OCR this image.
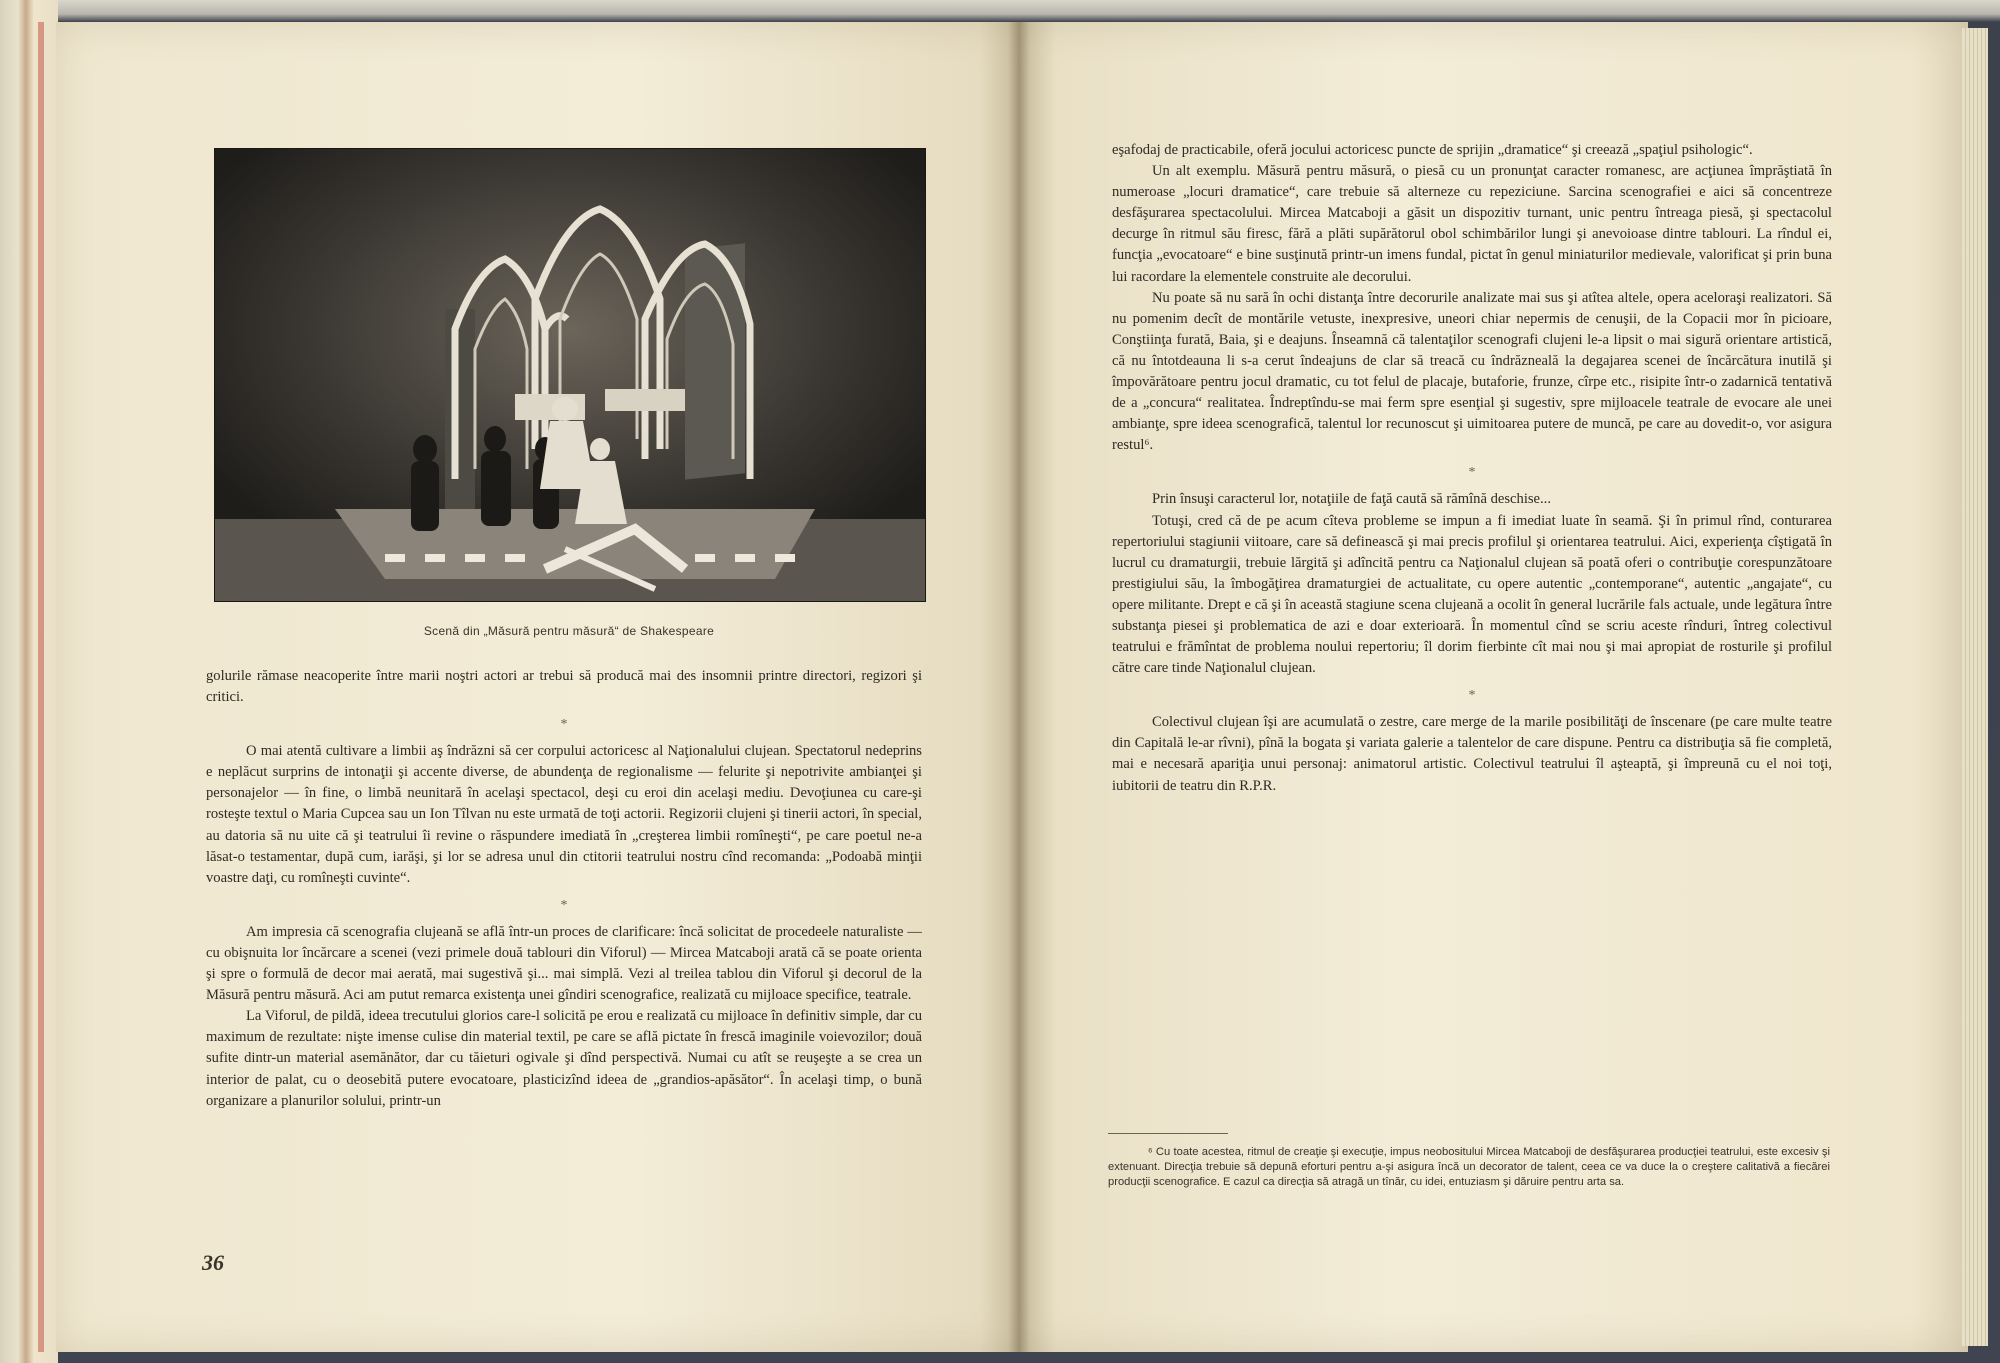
Scenă din „Măsură pentru măsură“ de Shakespeare

golurile rămase neacoperite între marii noştri actori ar trebui să producă mai des insomnii printre directori, regizori şi critici.

*

O mai atentă cultivare a limbii aş îndrăzni să cer corpului actoricesc al Naţionalului clujean. Spectatorul nedeprins e neplăcut surprins de intonaţii şi accente diverse, de abundenţa de regionalisme — felurite şi nepotrivite ambianţei şi personajelor — în fine, o limbă neunitară în acelaşi spectacol, deşi cu eroi din acelaşi mediu. Devoţiunea cu care-şi rosteşte textul o Maria Cupcea sau un Ion Tîlvan nu este urmată de toţi actorii. Regizorii clujeni şi tinerii actori, în special, au datoria să nu uite că şi teatrului îi revine o răspundere imediată în „creşterea limbii romîneşti“, pe care poetul ne-a lăsat-o testamentar, după cum, iarăşi, şi lor se adresa unul din ctitorii teatrului nostru cînd recomanda: „Podoabă minţii voastre daţi, cu romîneşti cuvinte“.

*

Am impresia că scenografia clujeană se află într-un proces de clarificare: încă solicitat de procedeele naturaliste — cu obişnuita lor încărcare a scenei (vezi primele două tablouri din Viforul) — Mircea Matcaboji arată că se poate orienta şi spre o formulă de decor mai aerată, mai sugestivă şi... mai simplă. Vezi al treilea tablou din Viforul şi decorul de la Măsură pentru măsură. Aci am putut remarca existenţa unei gîndiri scenografice, realizată cu mijloace specifice, teatrale.

La Viforul, de pildă, ideea trecutului glorios care-l solicită pe erou e realizată cu mijloace în definitiv simple, dar cu maximum de rezultate: nişte imense culise din material textil, pe care se află pictate în frescă imaginile voievozilor; două sufite dintr-un material asemănător, dar cu tăieturi ogivale şi dînd perspectivă. Numai cu atît se reuşeşte a se crea un interior de palat, cu o deosebită putere evocatoare, plasticizînd ideea de „grandios-apăsător“. În acelaşi timp, o bună organizare a planurilor solului, printr-un

36

eşafodaj de practicabile, oferă jocului actoricesc puncte de sprijin „dramatice“ şi creează „spaţiul psihologic“.

Un alt exemplu. Măsură pentru măsură, o piesă cu un pronunţat caracter romanesc, are acţiunea împrăştiată în numeroase „locuri dramatice“, care trebuie să alterneze cu repeziciune. Sarcina scenografiei e aici să concentreze desfăşurarea spectacolului. Mircea Matcaboji a găsit un dispozitiv turnant, unic pentru întreaga piesă, şi spectacolul decurge în ritmul său firesc, fără a plăti supărătorul obol schimbărilor lungi şi anevoioase dintre tablouri. La rîndul ei, funcţia „evocatoare“ e bine susţinută printr-un imens fundal, pictat în genul miniaturilor medievale, valorificat şi prin buna lui racordare la elementele construite ale decorului.

Nu poate să nu sară în ochi distanţa între decorurile analizate mai sus şi atîtea altele, opera aceloraşi realizatori. Să nu pomenim decît de montările vetuste, inexpresive, uneori chiar nepermis de cenuşii, de la Copacii mor în picioare, Conştiinţa furată, Baia, şi e deajuns. Înseamnă că talentaţilor scenografi clujeni le-a lipsit o mai sigură orientare artistică, că nu întotdeauna li s-a cerut îndeajuns de clar să treacă cu îndrăzneală la degajarea scenei de încărcătura inutilă şi împovărătoare pentru jocul dramatic, cu tot felul de placaje, butaforie, frunze, cîrpe etc., risipite într-o zadarnică tentativă de a „concura“ realitatea. Îndreptîndu-se mai ferm spre esenţial şi sugestiv, spre mijloacele teatrale de evocare ale unei ambianţe, spre ideea scenografică, talentul lor recunoscut şi uimitoarea putere de muncă, pe care au dovedit-o, vor asigura restul⁶.

*

Prin însuşi caracterul lor, notaţiile de faţă caută să rămînă deschise...

Totuşi, cred că de pe acum cîteva probleme se impun a fi imediat luate în seamă. Şi în primul rînd, conturarea repertoriului stagiunii viitoare, care să definească şi mai precis profilul şi orientarea teatrului. Aici, experienţa cîştigată în lucrul cu dramaturgii, trebuie lărgită şi adîncită pentru ca Naţionalul clujean să poată oferi o contribuţie corespunzătoare prestigiului său, la îmbogăţirea dramaturgiei de actualitate, cu opere autentic „contemporane“, autentic „angajate“, cu opere militante. Drept e că şi în această stagiune scena clujeană a ocolit în general lucrările fals actuale, unde legătura între substanţa piesei şi problematica de azi e doar exterioară. În momentul cînd se scriu aceste rînduri, întreg colectivul teatrului e frămîntat de problema noului repertoriu; îl dorim fierbinte cît mai nou şi mai apropiat de rosturile şi profilul către care tinde Naţionalul clujean.

*

Colectivul clujean îşi are acumulată o zestre, care merge de la marile posibilităţi de înscenare (pe care multe teatre din Capitală le-ar rîvni), pînă la bogata şi variata galerie a talentelor de care dispune. Pentru ca distribuţia să fie completă, mai e necesară apariţia unui personaj: animatorul artistic. Colectivul teatrului îl aşteaptă, şi împreună cu el noi toţi, iubitorii de teatru din R.P.R.

⁶ Cu toate acestea, ritmul de creaţie şi execuţie, impus neobositului Mircea Matcaboji de desfăşurarea producţiei teatrului, este excesiv şi extenuant. Direcţia trebuie să depună eforturi pentru a-şi asigura încă un decorator de talent, ceea ce va duce la o creştere calitativă a fiecărei producţii scenografice. E cazul ca direcţia să atragă un tînăr, cu idei, entuziasm şi dăruire pentru arta sa.
